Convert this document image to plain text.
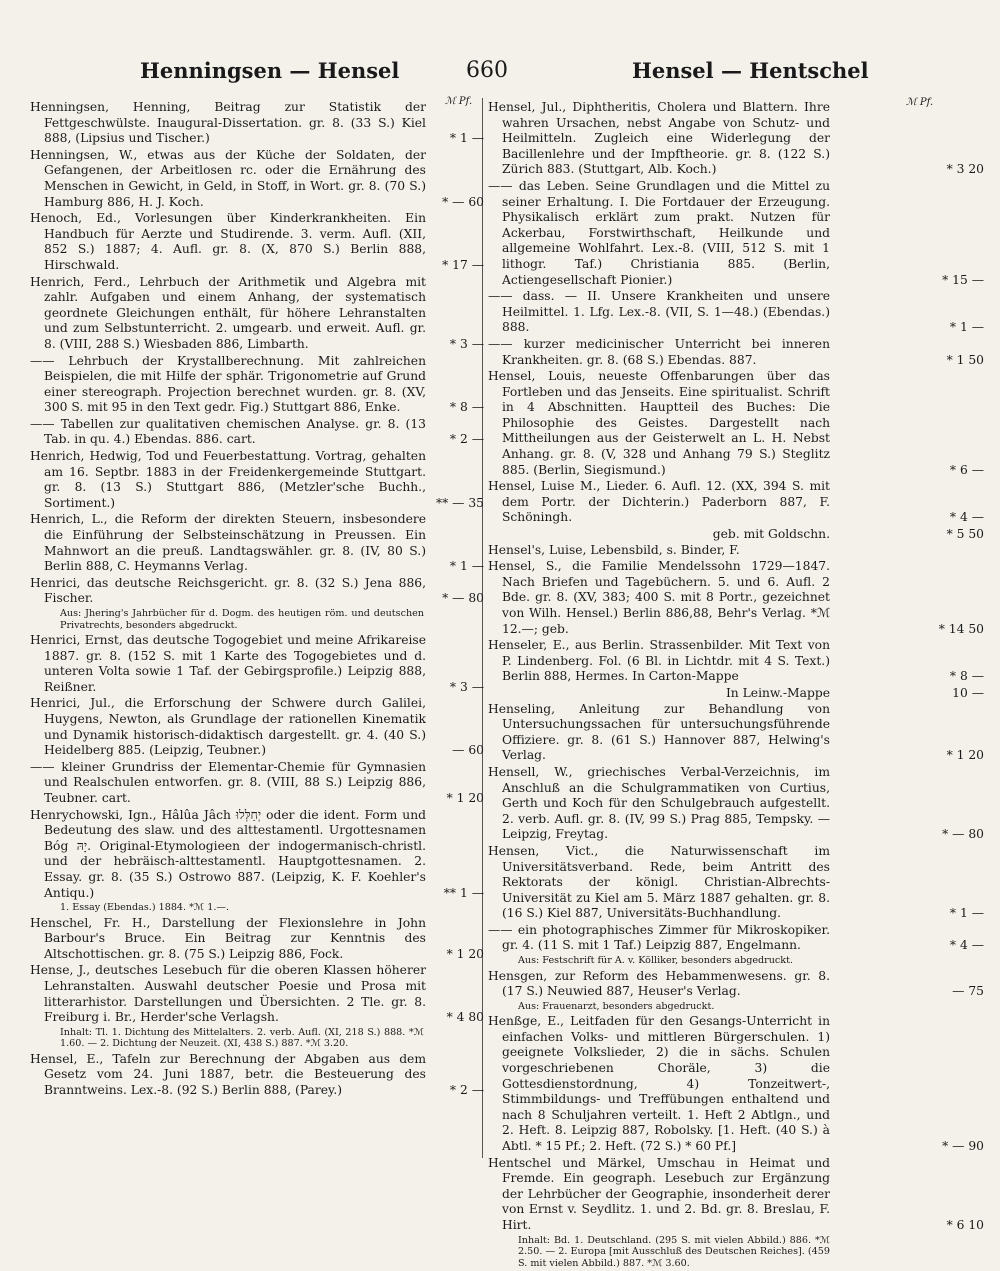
Henningsen — Hensel	660	Hensel — Hentschel
ℳ Pf.	ℳ Pf.
Henningsen, Henning, Beitrag zur Statistik der Fettgeschwülste. Inaugural-Dissertation. gr. 8. (33 S.) Kiel 888, (Lipsius und Tischer.)	* 1 —
Henningsen, W., etwas aus der Küche der Soldaten, der Gefangenen, der Arbeitlosen rc. oder die Ernährung des Menschen in Gewicht, in Geld, in Stoff, in Wort. gr. 8. (70 S.) Hamburg 886, H. J. Koch.	* — 60
Henoch, Ed., Vorlesungen über Kinderkrankheiten. Ein Handbuch für Aerzte und Studirende. 3. verm. Aufl. (XII, 852 S.) 1887; 4. Aufl. gr. 8. (X, 870 S.) Berlin 888, Hirschwald.	* 17 —
Henrich, Ferd., Lehrbuch der Arithmetik und Algebra mit zahlr. Aufgaben und einem Anhang, der systematisch geordnete Gleichungen enthält, für höhere Lehranstalten und zum Selbstunterricht. 2. umgearb. und erweit. Aufl. gr. 8. (VIII, 288 S.) Wiesbaden 886, Limbarth.	* 3 —
—— Lehrbuch der Krystallberechnung. Mit zahlreichen Beispielen, die mit Hilfe der sphär. Trigonometrie auf Grund einer stereograph. Projection berechnet wurden. gr. 8. (XV, 300 S. mit 95 in den Text gedr. Fig.) Stuttgart 886, Enke.	* 8 —
—— Tabellen zur qualitativen chemischen Analyse. gr. 8. (13 Tab. in qu. 4.) Ebendas. 886. cart.	* 2 —
Henrich, Hedwig, Tod und Feuerbestattung. Vortrag, gehalten am 16. Septbr. 1883 in der Freidenkergemeinde Stuttgart. gr. 8. (13 S.) Stuttgart 886, (Metzler'sche Buchh., Sortiment.)	** — 35
Henrich, L., die Reform der direkten Steuern, insbesondere die Einführung der Selbsteinschätzung in Preussen. Ein Mahnwort an die preuß. Landtagswähler. gr. 8. (IV, 80 S.) Berlin 888, C. Heymanns Verlag.	* 1 —
Henrici, das deutsche Reichsgericht. gr. 8. (32 S.) Jena 886, Fischer.	* — 80
Aus: Jhering's Jahrbücher für d. Dogm. des heutigen röm. und deutschen Privatrechts, besonders abgedruckt.
Henrici, Ernst, das deutsche Togogebiet und meine Afrikareise 1887. gr. 8. (152 S. mit 1 Karte des Togogebietes und d. unteren Volta sowie 1 Taf. der Gebirgsprofile.) Leipzig 888, Reißner.	* 3 —
Henrici, Jul., die Erforschung der Schwere durch Galilei, Huygens, Newton, als Grundlage der rationellen Kinematik und Dynamik historisch-didaktisch dargestellt. gr. 4. (40 S.) Heidelberg 885. (Leipzig, Teubner.)	— 60
—— kleiner Grundriss der Elementar-Chemie für Gymnasien und Realschulen entworfen. gr. 8. (VIII, 88 S.) Leipzig 886, Teubner. cart.	* 1 20
Henrychowski, Ign., Hâlûa Jâch יְחַלְּלוּ oder die ident. Form und Bedeutung des slaw. und des alttestamentl. Urgottesnamen Bóg יָהּ. Original-Etymologieen der indogermanisch-christl. und der hebräisch-alttestamentl. Hauptgottesnamen. 2. Essay. gr. 8. (35 S.) Ostrowo 887. (Leipzig, K. F. Koehler's Antiqu.)	** 1 —
1. Essay (Ebendas.) 1884. *ℳ 1.—.
Henschel, Fr. H., Darstellung der Flexionslehre in John Barbour's Bruce. Ein Beitrag zur Kenntnis des Altschottischen. gr. 8. (75 S.) Leipzig 886, Fock.	* 1 20
Hense, J., deutsches Lesebuch für die oberen Klassen höherer Lehranstalten. Auswahl deutscher Poesie und Prosa mit litterarhistor. Darstellungen und Übersichten. 2 Tle. gr. 8. Freiburg i. Br., Herder'sche Verlagsh.	* 4 80
Inhalt: Tl. 1. Dichtung des Mittelalters. 2. verb. Aufl. (XI, 218 S.) 888. *ℳ 1.60. — 2. Dichtung der Neuzeit. (XI, 438 S.) 887. *ℳ 3.20.
Hensel, E., Tafeln zur Berechnung der Abgaben aus dem Gesetz vom 24. Juni 1887, betr. die Besteuerung des Branntweins. Lex.-8. (92 S.) Berlin 888, (Parey.)	* 2 —
Hensel, Jul., Diphtheritis, Cholera und Blattern. Ihre wahren Ursachen, nebst Angabe von Schutz- und Heilmitteln. Zugleich eine Widerlegung der Bacillenlehre und der Impftheorie. gr. 8. (122 S.) Zürich 883. (Stuttgart, Alb. Koch.)	* 3 20
—— das Leben. Seine Grundlagen und die Mittel zu seiner Erhaltung. I. Die Fortdauer der Erzeugung. Physikalisch erklärt zum prakt. Nutzen für Ackerbau, Forstwirthschaft, Heilkunde und allgemeine Wohlfahrt. Lex.-8. (VIII, 512 S. mit 1 lithogr. Taf.) Christiania 885. (Berlin, Actiengesellschaft Pionier.)	* 15 —
—— dass. — II. Unsere Krankheiten und unsere Heilmittel. 1. Lfg. Lex.-8. (VII, S. 1—48.) (Ebendas.) 888.	* 1 —
—— kurzer medicinischer Unterricht bei inneren Krankheiten. gr. 8. (68 S.) Ebendas. 887.	* 1 50
Hensel, Louis, neueste Offenbarungen über das Fortleben und das Jenseits. Eine spiritualist. Schrift in 4 Abschnitten. Hauptteil des Buches: Die Philosophie des Geistes. Dargestellt nach Mittheilungen aus der Geisterwelt an L. H. Nebst Anhang. gr. 8. (V, 328 und Anhang 79 S.) Steglitz 885. (Berlin, Siegismund.)	* 6 —
Hensel, Luise M., Lieder. 6. Aufl. 12. (XX, 394 S. mit dem Portr. der Dichterin.) Paderborn 887, F. Schöningh.	* 4 —
geb. mit Goldschn.	* 5 50
Hensel's, Luise, Lebensbild, s. Binder, F.
Hensel, S., die Familie Mendelssohn 1729—1847. Nach Briefen und Tagebüchern. 5. und 6. Aufl. 2 Bde. gr. 8. (XV, 383; 400 S. mit 8 Portr., gezeichnet von Wilh. Hensel.) Berlin 886,88, Behr's Verlag. *ℳ 12.—; geb.	* 14 50
Henseler, E., aus Berlin. Strassenbilder. Mit Text von P. Lindenberg. Fol. (6 Bl. in Lichtdr. mit 4 S. Text.) Berlin 888, Hermes. In Carton-Mappe	* 8 —
In Leinw.-Mappe	10 —
Henseling, Anleitung zur Behandlung von Untersuchungssachen für untersuchungsführende Offiziere. gr. 8. (61 S.) Hannover 887, Helwing's Verlag.	* 1 20
Hensell, W., griechisches Verbal-Verzeichnis, im Anschluß an die Schulgrammatiken von Curtius, Gerth und Koch für den Schulgebrauch aufgestellt. 2. verb. Aufl. gr. 8. (IV, 99 S.) Prag 885, Tempsky. — Leipzig, Freytag.	* — 80
Hensen, Vict., die Naturwissenschaft im Universitätsverband. Rede, beim Antritt des Rektorats der königl. Christian-Albrechts-Universität zu Kiel am 5. März 1887 gehalten. gr. 8. (16 S.) Kiel 887, Universitäts-Buchhandlung.	* 1 —
—— ein photographisches Zimmer für Mikroskopiker. gr. 4. (11 S. mit 1 Taf.) Leipzig 887, Engelmann.	* 4 —
Aus: Festschrift für A. v. Kölliker, besonders abgedruckt.
Hensgen, zur Reform des Hebammenwesens. gr. 8. (17 S.) Neuwied 887, Heuser's Verlag.	— 75
Aus: Frauenarzt, besonders abgedruckt.
Henßge, E., Leitfaden für den Gesangs-Unterricht in einfachen Volks- und mittleren Bürgerschulen. 1) geeignete Volkslieder, 2) die in sächs. Schulen vorgeschriebenen Choräle, 3) die Gottesdienstordnung, 4) Tonzeitwert-, Stimmbildungs- und Treffübungen enthaltend und nach 8 Schuljahren verteilt. 1. Heft 2 Abtlgn., und 2. Heft. 8. Leipzig 887, Robolsky. [1. Heft. (40 S.) à Abtl. * 15 Pf.; 2. Heft. (72 S.) * 60 Pf.]	* — 90
Hentschel und Märkel, Umschau in Heimat und Fremde. Ein geograph. Lesebuch zur Ergänzung der Lehrbücher der Geographie, insonderheit derer von Ernst v. Seydlitz. 1. und 2. Bd. gr. 8. Breslau, F. Hirt.	* 6 10
Inhalt: Bd. 1. Deutschland. (295 S. mit vielen Abbild.) 886. *ℳ 2.50. — 2. Europa [mit Ausschluß des Deutschen Reiches]. (459 S. mit vielen Abbild.) 887. *ℳ 3.60.
